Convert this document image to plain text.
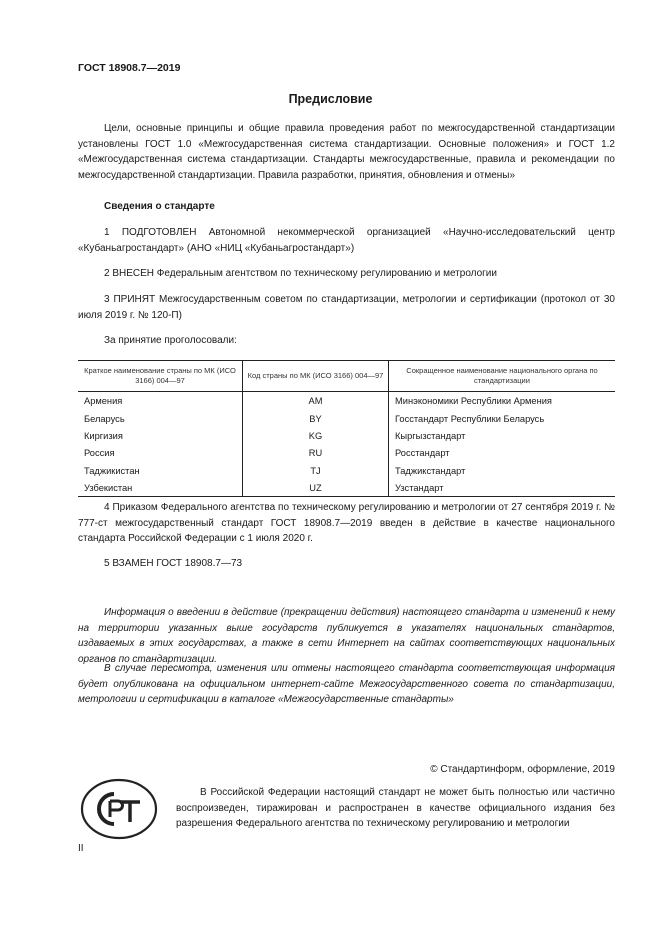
ГОСТ 18908.7—2019
Предисловие
Цели, основные принципы и общие правила проведения работ по межгосударственной стандартизации установлены ГОСТ 1.0 «Межгосударственная система стандартизации. Основные положения» и ГОСТ 1.2 «Межгосударственная система стандартизации. Стандарты межгосударственные, правила и рекомендации по межгосударственной стандартизации. Правила разработки, принятия, обновления и отмены»
Сведения о стандарте
1 ПОДГОТОВЛЕН Автономной некоммерческой организацией «Научно-исследовательский центр «Кубаньагростандарт» (АНО «НИЦ «Кубаньагростандарт»)
2 ВНЕСЕН Федеральным агентством по техническому регулированию и метрологии
3 ПРИНЯТ Межгосударственным советом по стандартизации, метрологии и сертификации (протокол от 30 июля 2019 г. № 120-П)
За принятие проголосовали:
Краткое наименование страны по МК (ИСО 3166) 004—97	Код страны по МК (ИСО 3166) 004—97	Сокращенное наименование национального органа по стандартизации
Армения	AM	Минэкономики Республики Армения
Беларусь	BY	Госстандарт Республики Беларусь
Киргизия	KG	Кыргызстандарт
Россия	RU	Росстандарт
Таджикистан	TJ	Таджикстандарт
Узбекистан	UZ	Узстандарт
4 Приказом Федерального агентства по техническому регулированию и метрологии от 27 сентября 2019 г. № 777-ст межгосударственный стандарт ГОСТ 18908.7—2019 введен в действие в качестве национального стандарта Российской Федерации с 1 июля 2020 г.
5 ВЗАМЕН ГОСТ 18908.7—73
Информация о введении в действие (прекращении действия) настоящего стандарта и изменений к нему на территории указанных выше государств публикуется в указателях национальных стандартов, издаваемых в этих государствах, а также в сети Интернет на сайтах соответствующих национальных органов по стандартизации.
В случае пересмотра, изменения или отмены настоящего стандарта соответствующая информация будет опубликована на официальном интернет-сайте Межгосударственного совета по стандартизации, метрологии и сертификации в каталоге «Межгосударственные стандарты»
© Стандартинформ, оформление, 2019
В Российской Федерации настоящий стандарт не может быть полностью или частично воспроизведен, тиражирован и распространен в качестве официального издания без разрешения Федерального агентства по техническому регулированию и метрологии
II
